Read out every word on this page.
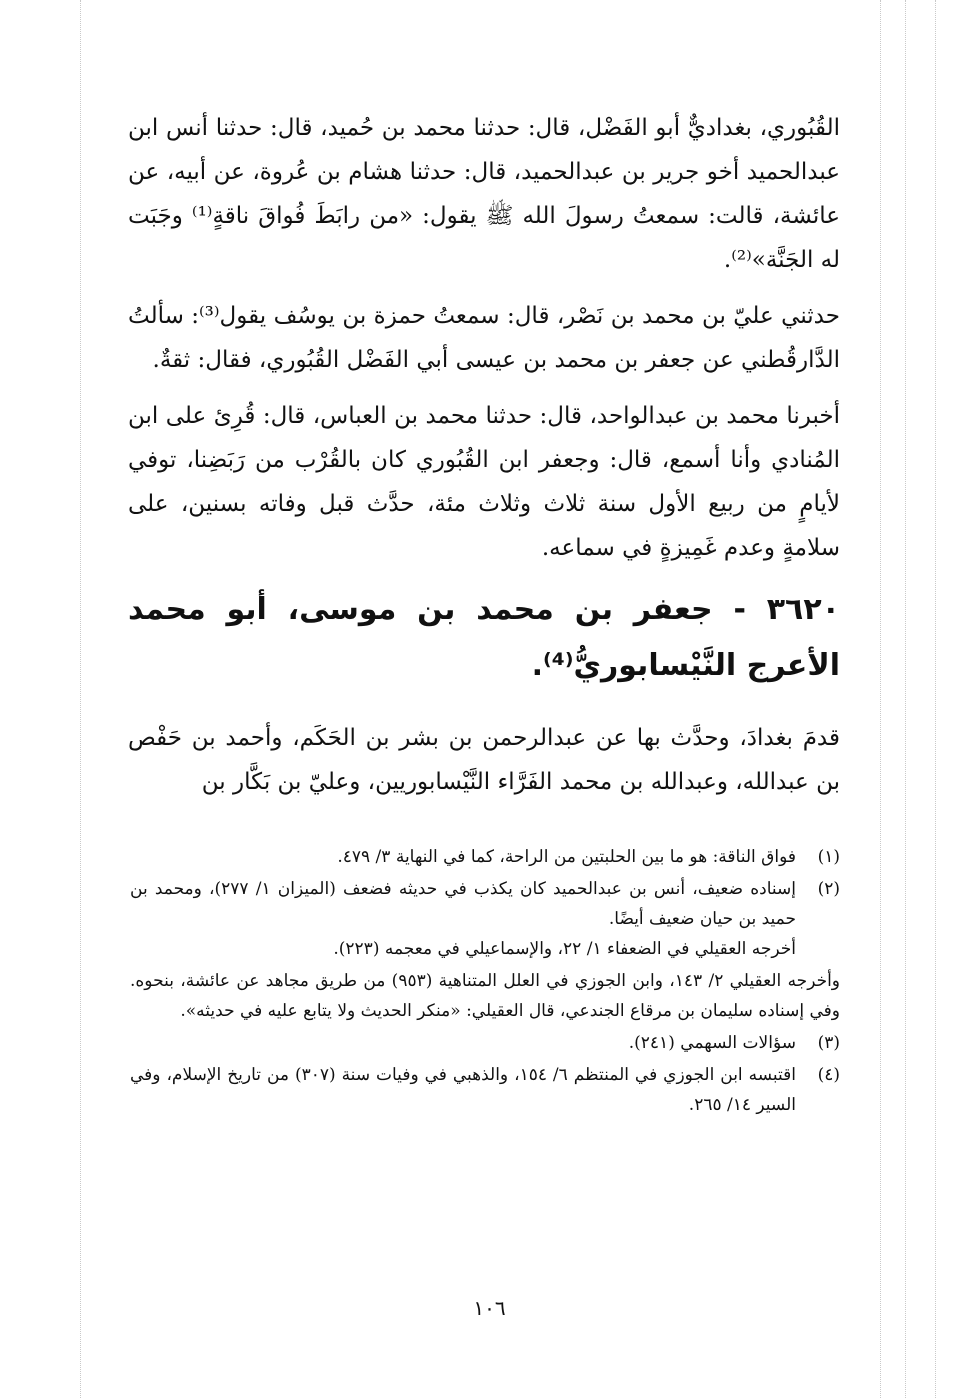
القُبُوري، بغداديٌّ أبو الفَضْل، قال: حدثنا محمد بن حُميد، قال: حدثنا أنس ابن عبدالحميد أخو جرير بن عبدالحميد، قال: حدثنا هشام بن عُروة، عن أبيه، عن عائشة، قالت: سمعتُ رسولَ الله ﷺ يقول: «من رابَطَ فُواقَ ناقةٍ⁽¹⁾ وجَبَت له الجَنَّة»⁽²⁾.

حدثني عليّ بن محمد بن نَصْر، قال: سمعتُ حمزة بن يوسُف يقول⁽³⁾: سألتُ الدَّارقُطني عن جعفر بن محمد بن عيسى أبي الفَضْل القُبُوري، فقال: ثقةٌ.

أخبرنا محمد بن عبدالواحد، قال: حدثنا محمد بن العباس، قال: قُرِئ على ابن المُنادي وأنا أسمع، قال: وجعفر ابن القُبُوري كان بالقُرْب من رَبَضِنا، توفي لأيامٍ من ربيع الأول سنة ثلاث وثلاث مئة، حدَّث قبل وفاته بسنين، على سلامةٍ وعدم غَمِيزةٍ في سماعه.

٣٦٢٠ - جعفر بن محمد بن موسى، أبو محمد الأعرج النَّيْسابوريُّ⁽⁴⁾.

قدمَ بغدادَ، وحدَّث بها عن عبدالرحمن بن بشر بن الحَكَم، وأحمد بن حَفْص بن عبدالله، وعبدالله بن محمد الفَرَّاء النَّيْسابوريين، وعليّ بن بَكَّار بن

(١)

فواق الناقة: هو ما بين الحلبتين من الراحة، كما في النهاية ٣/ ٤٧٩.

(٢)

إسناده ضعيف، أنس بن عبدالحميد كان يكذب في حديثه فضعف (الميزان ١/ ٢٧٧)، ومحمد بن حميد بن حيان ضعيف أيضًا.

أخرجه العقيلي في الضعفاء ١/ ٢٢، والإسماعيلي في معجمه (٢٢٣).

وأخرجه العقيلي ٢/ ١٤٣، وابن الجوزي في العلل المتناهية (٩٥٣) من طريق مجاهد عن عائشة، بنحوه. وفي إسناده سليمان بن مرقاع الجندعي، قال العقيلي: «منكر الحديث ولا يتابع عليه في حديثه».

(٣)

سؤالات السهمي (٢٤١).

(٤)

اقتبسه ابن الجوزي في المنتظم ٦/ ١٥٤، والذهبي في وفيات سنة (٣٠٧) من تاريخ الإسلام، وفي السير ١٤/ ٢٦٥.

١٠٦
